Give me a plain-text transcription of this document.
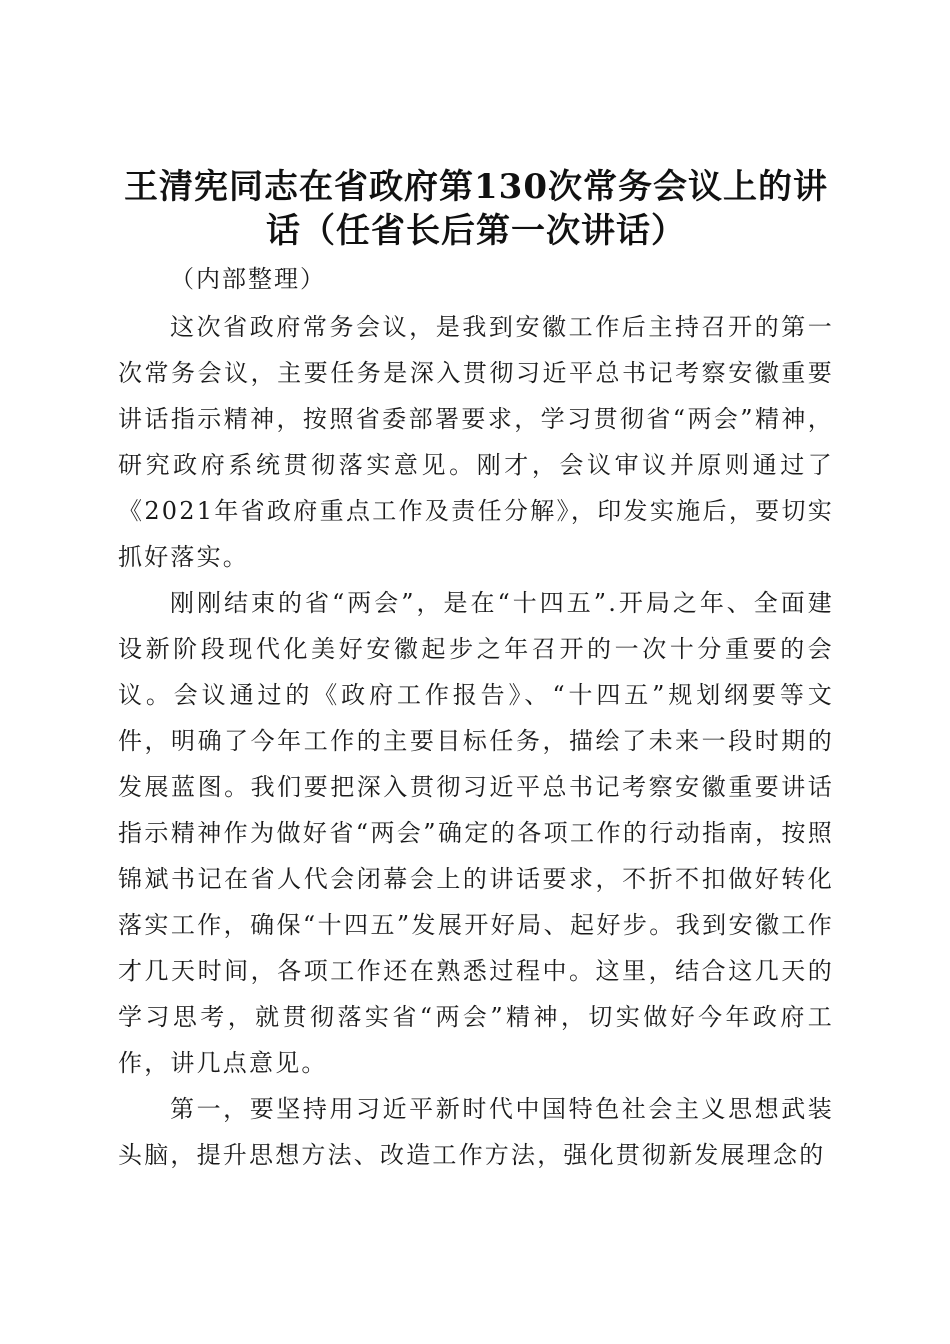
王清宪同志在省政府第130次常务会议上的讲话（任省长后第一次讲话）

（内部整理）

这次省政府常务会议，是我到安徽工作后主持召开的第一次常务会议，主要任务是深入贯彻习近平总书记考察安徽重要讲话指示精神，按照省委部署要求，学习贯彻省“两会”精神，研究政府系统贯彻落实意见。刚才，会议审议并原则通过了《2021年省政府重点工作及责任分解》，印发实施后，要切实抓好落实。

刚刚结束的省“两会”，是在“十四五”.开局之年、全面建设新阶段现代化美好安徽起步之年召开的一次十分重要的会议。会议通过的《政府工作报告》、“十四五”规划纲要等文件，明确了今年工作的主要目标任务，描绘了未来一段时期的发展蓝图。我们要把深入贯彻习近平总书记考察安徽重要讲话指示精神作为做好省“两会”确定的各项工作的行动指南，按照锦斌书记在省人代会闭幕会上的讲话要求，不折不扣做好转化落实工作，确保“十四五”发展开好局、起好步。我到安徽工作才几天时间，各项工作还在熟悉过程中。这里，结合这几天的学习思考，就贯彻落实省“两会”精神，切实做好今年政府工作，讲几点意见。

第一，要坚持用习近平新时代中国特色社会主义思想武装头脑，提升思想方法、改造工作方法，强化贯彻新发展理念的
